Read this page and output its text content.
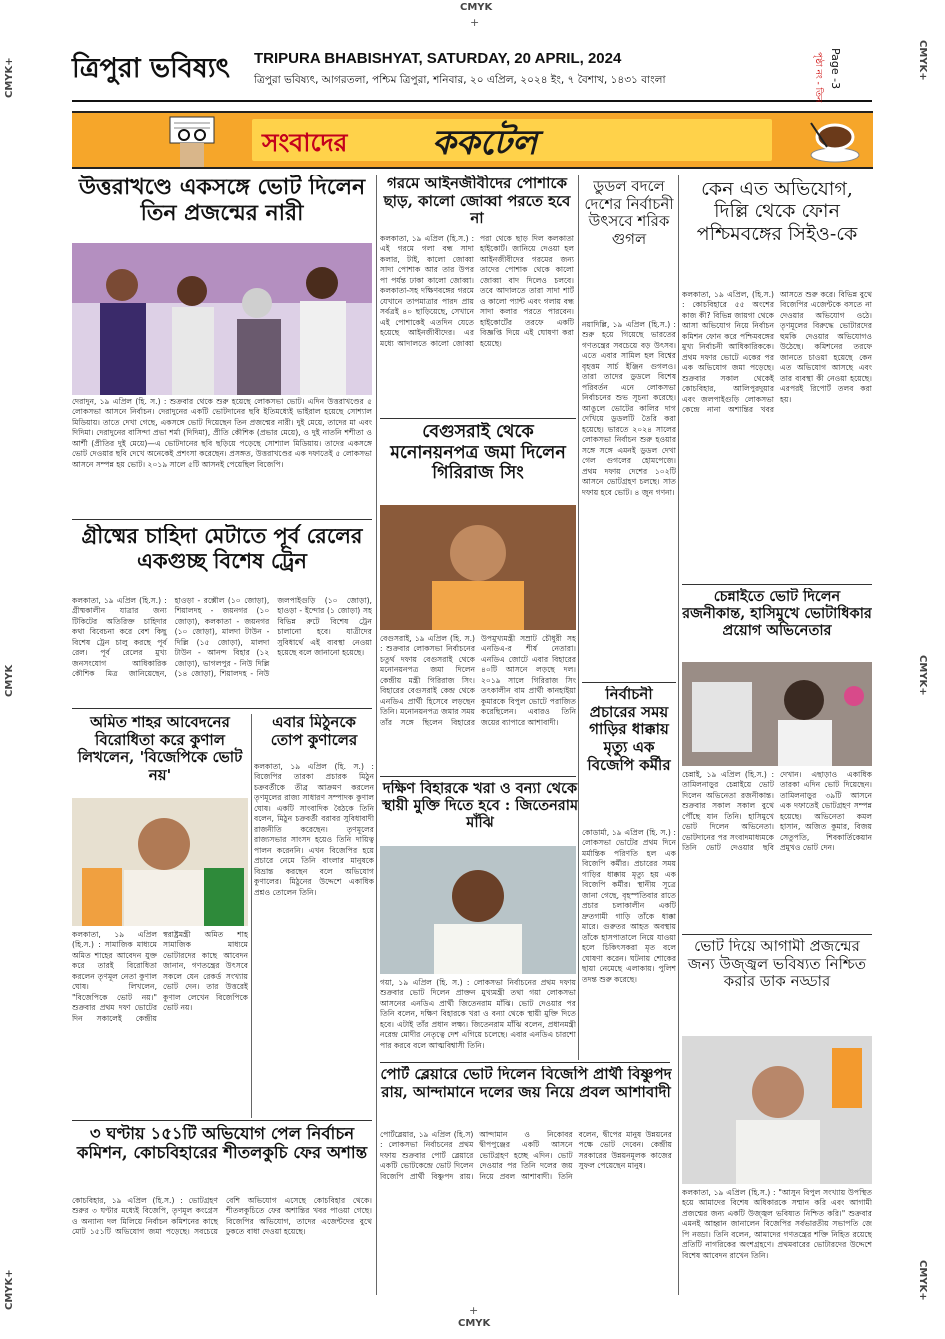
CMYK
+
CMYK
+
CMYK+
CMYK
CMYK+
CMYK+
CMYK+
CMYK+
ত্রিপুরা ভবিষ্যৎ TRIPURA BHABISHYAT, SATURDAY, 20 APRIL, 2024
ত্রিপুরা ভবিষ্যৎ, আগরতলা, পশ্চিম ত্রিপুরা, শনিবার, ২০ এপ্রিল, ২০২৪ ইং, ৭ বৈশাখ, ১৪৩১ বাংলা	Page -3
পৃষ্ঠা নং - তিন
সংবাদের ককটেল
উত্তরাখণ্ডে একসঙ্গে ভোট দিলেন তিন প্রজন্মের নারী
দেরাদুন, ১৯ এপ্রিল (হি. স.) : শুক্রবার থেকে শুরু হয়েছে লোকসভা ভোট। এদিন উত্তরাখণ্ডের ৫ লোকসভা আসনে নির্বাচন। দেরাদুনের একটি ভোটদানের ছবি ইতিমধ্যেই ভাইরাল হয়েছে সোশ্যাল মিডিয়ায়। তাতে দেখা গেছে, একসঙ্গে ভোট দিয়েছেন তিন প্রজন্মের নারী। দুই মেয়ে, তাদের মা এবং দিদিমা। দেরাদুনের বাসিন্দা প্রভা শর্মা (দিদিমা), প্রীতি কৌশিক (প্রভার মেয়ে), ও দুই নাতনি শশীতা ও আর্শী (প্রীতির দুই মেয়ে)—এ ভোটদানের ছবি ছড়িয়ে পড়েছে সোশ্যাল মিডিয়ায়। তাদের একসঙ্গে ভোট দেওয়ার ছবি দেখে অনেকেই প্রশংসা করেছেন। প্রসঙ্গত, উত্তরাখণ্ডের এক দফাতেই ৫ লোকসভা আসনে সম্পন্ন হয় ভোট। ২০১৯ সালে ৫টি আসনই পেয়েছিল বিজেপি।
গ্রীষ্মের চাহিদা মেটাতে পূর্ব রেলের একগুচ্ছ বিশেষ ট্রেন
কলকাতা, ১৯ এপ্রিল (হি.স.) : গ্রীষ্মকালীন যাত্রার জন্য টিকিটের অতিরিক্ত চাহিদার কথা বিবেচনা করে বেশ কিছু বিশেষ ট্রেন চালু করছে পূর্ব রেল। পূর্ব রেলের মুখ্য জনসংযোগ আধিকারিক কৌশিক মিত্র জানিয়েছেন, হাওড়া - রক্সৌল (১০ জোড়া), শিয়ালদহ - জয়নগর (১০ জোড়া), কলকাতা - জয়নগর (১০ জোড়া), মালদা টাউন - দিল্লি (১৫ জোড়া), মালদা টাউন - আনন্দ বিহার (১২ জোড়া), ভাগলপুর - নিউ দিল্লি (১৪ জোড়া), শিয়ালদহ - নিউ জলপাইগুড়ি (১০ জোড়া), হাওড়া - ইন্দোর (১ জোড়া) সহ বিভিন্ন রুটে বিশেষ ট্রেন চালানো হবে। যাত্রীদের সুবিধার্থে এই ব্যবস্থা নেওয়া হয়েছে বলে জানানো হয়েছে।
অমিত শাহর আবেদনের বিরোধিতা করে কুণাল লিখলেন, 'বিজেপিকে ভোট নয়'
কলকাতা, ১৯ এপ্রিল (হি.স.) : সামাজিক মাধ্যমে অমিত শাহের আবেদন যুক্ত করে তারই বিরোধিতা করলেন তৃণমূল নেতা কুণাল ঘোষ। লিখলেন, "বিজেপিকে ভোট নয়।" শুক্রবার প্রথম দফা ভোটের দিন সকালেই কেন্দ্রীয় স্বরাষ্ট্রমন্ত্রী অমিত শাহ সামাজিক মাধ্যমে ভোটারদের কাছে আবেদন জানান, গণতন্ত্রের উৎসবে সকলে যেন রেকর্ড সংখ্যায় ভোট দেন। তার উত্তরেই কুণাল লেখেন বিজেপিকে ভোট নয়।
এবার মিঠুনকে তোপ কুণালের
কলকাতা, ১৯ এপ্রিল (হি. স.) : বিজেপির তারকা প্রচারক মিঠুন চক্রবর্তীকে তীব্র আক্রমণ করলেন তৃণমূলের রাজ্য সাধারণ সম্পাদক কুণাল ঘোষ। একটি সাংবাদিক বৈঠকে তিনি বলেন, মিঠুন চক্রবর্তী বরাবর সুবিধাবাদী রাজনীতি করেছেন। তৃণমূলের রাজ্যসভার সাংসদ হয়েও তিনি দায়িত্ব পালন করেননি। এখন বিজেপির হয়ে প্রচারে নেমে তিনি বাংলার মানুষকে বিভ্রান্ত করছেন বলে অভিযোগ কুণালের। মিঠুনের উদ্দেশে একাধিক প্রশ্নও তোলেন তিনি।
৩ ঘণ্টায় ১৫১টি অভিযোগ পেল নির্বাচন কমিশন, কোচবিহারের শীতলকুচি ফের অশান্ত
কোচবিহার, ১৯ এপ্রিল (হি.স.) : ভোটগ্রহণ শুরুর ৩ ঘণ্টার মধ্যেই বিজেপি, তৃণমূল কংগ্রেস ও অন্যান্য দল মিলিয়ে নির্বাচন কমিশনের কাছে মোট ১৫১টি অভিযোগ জমা পড়েছে। সবচেয়ে বেশি অভিযোগ এসেছে কোচবিহার থেকে। শীতলকুচিতে ফের অশান্তির খবর পাওয়া গেছে। বিজেপির অভিযোগ, তাদের এজেন্টদের বুথে ঢুকতে বাধা দেওয়া হয়েছে।
গরমে আইনজীবীদের পোশাকে ছাড়, কালো জোব্বা পরতে হবে না
কলকাতা, ১৯ এপ্রিল (হি.স.) : এই গরমে গলা বন্ধ সাদা কলার, টাই, কালো জোব্বা সাদা পোশাক আর তার উপর পা পর্যন্ত ঢাকা কালো জোব্বা। কলকাতা-সহ দক্ষিণবঙ্গের গরমে যেখানে তাপমাত্রার পারদ প্রায় সর্বত্রই ৪০ ছাড়িয়েছে, সেখানে এই পোশাকেই এতদিন যেতে হয়েছে আইনজীবীদের। এর মধ্যে আদালতে কালো জোব্বা পরা থেকে ছাড় দিল কলকাতা হাইকোর্ট। জানিয়ে দেওয়া হল আইনজীবীদের গরমের জন্য তাদের পোশাক থেকে কালো জোব্বা বাদ দিলেও চলবে। তবে আদালতে তারা সাদা শার্ট ও কালো প্যান্ট এবং গলায় বন্ধ সাদা কলার পরতে পারবেন। হাইকোর্টের তরফে একটি বিজ্ঞপ্তি দিয়ে এই ঘোষণা করা হয়েছে।
বেগুসরাই থেকে মনোনয়নপত্র জমা দিলেন গিরিরাজ সিং
বেগুসরাই, ১৯ এপ্রিল (হি. স.) : শুক্রবার লোকসভা নির্বাচনের চতুর্থ দফায় বেগুসরাই থেকে মনোনয়নপত্র জমা দিলেন কেন্দ্রীয় মন্ত্রী গিরিরাজ সিং। বিহারের বেগুসরাই কেন্দ্র থেকে এনডিএ প্রার্থী হিসেবে লড়ছেন তিনি। মনোনয়নপত্র জমার সময় তাঁর সঙ্গে ছিলেন বিহারের উপমুখ্যমন্ত্রী সম্রাট চৌধুরী সহ এনডিএ-র শীর্ষ নেতারা। এনডিএ জোটে এবার বিহারের ৪০টি আসনে লড়ছে দল। ২০১৯ সালে গিরিরাজ সিং তৎকালীন বাম প্রার্থী কানহাইয়া কুমারকে বিপুল ভোটে পরাজিত করেছিলেন। এবারও তিনি জয়ের ব্যাপারে আশাবাদী।
দক্ষিণ বিহারকে খরা ও বন্যা থেকে স্থায়ী মুক্তি দিতে হবে : জিতেনরাম মাঁঝি
গয়া, ১৯ এপ্রিল (হি. স.) : লোকসভা নির্বাচনের প্রথম দফায় শুক্রবার ভোট দিলেন প্রাক্তন মুখ্যমন্ত্রী তথা গয়া লোকসভা আসনের এনডিএ প্রার্থী জিতেনরাম মাঁঝি। ভোট দেওয়ার পর তিনি বলেন, দক্ষিণ বিহারকে খরা ও বন্যা থেকে স্থায়ী মুক্তি দিতে হবে। এটাই তাঁর প্রধান লক্ষ্য। জিতেনরাম মাঁঝি বলেন, প্রধানমন্ত্রী নরেন্দ্র মোদীর নেতৃত্বে দেশ এগিয়ে চলেছে। এবার এনডিএ চারশো পার করবে বলে আত্মবিশ্বাসী তিনি।
পোর্ট ব্লেয়ারে ভোট দিলেন বিজেপি প্রার্থী বিষ্ণুপদ রায়, আন্দামানে দলের জয় নিয়ে প্রবল আশাবাদী
পোর্টব্লেয়ার, ১৯ এপ্রিল (হি.স) : লোকসভা নির্বাচনের প্রথম দফায় শুক্রবার পোর্ট ব্লেয়ারে একটি ভোটকেন্দ্রে ভোট দিলেন বিজেপি প্রার্থী বিষ্ণুপদ রায়। আন্দামান ও নিকোবর দ্বীপপুঞ্জের একটি আসনে ভোটগ্রহণ হচ্ছে এদিন। ভোট দেওয়ার পর তিনি দলের জয় নিয়ে প্রবল আশাবাদী। তিনি বলেন, দ্বীপের মানুষ উন্নয়নের পক্ষে ভোট দেবেন। কেন্দ্রীয় সরকারের উন্নয়নমূলক কাজের সুফল পেয়েছেন মানুষ।
ডুডল বদলে দেশের নির্বাচনী উৎসবে শরিক গুগল
নয়াদিল্লি, ১৯ এপ্রিল (হি.স.) : শুরু হয়ে গিয়েছে ভারতের গণতন্ত্রের সবচেয়ে বড় উৎসব। এতে এবার সামিল হল বিশ্বের বৃহত্তম সার্চ ইঞ্জিন গুগলও। তারা তাদের ডুডলে বিশেষ পরিবর্তন এনে লোকসভা নির্বাচনের শুভ সূচনা করেছে। আঙুলে ভোটের কালির দাগ দেখিয়ে ডুডলটি তৈরি করা হয়েছে। ভারতে ২০২৪ সালের লোকসভা নির্বাচন শুরু হওয়ার সঙ্গে সঙ্গে এমনই ডুডল দেখা গেল গুগলের হোমপেজে। প্রথম দফায় দেশের ১০২টি আসনে ভোটগ্রহণ চলছে। সাত দফায় হবে ভোট। ৪ জুন গণনা।
নির্বাচনী প্রচারের সময় গাড়ির ধাক্কায় মৃত্যু এক বিজেপি কর্মীর
কোডার্মা, ১৯ এপ্রিল (হি. স.) : লোকসভা ভোটের প্রথম দিনে মর্মান্তিক পরিণতি হল এক বিজেপি কর্মীর। প্রচারের সময় গাড়ির ধাক্কায় মৃত্যু হয় এক বিজেপি কর্মীর। স্থানীয় সূত্রে জানা গেছে, বৃহস্পতিবার রাতে প্রচার চলাকালীন একটি দ্রুতগামী গাড়ি তাঁকে ধাক্কা মারে। গুরুতর আহত অবস্থায় তাঁকে হাসপাতালে নিয়ে যাওয়া হলে চিকিৎসকরা মৃত বলে ঘোষণা করেন। ঘটনায় শোকের ছায়া নেমেছে এলাকায়। পুলিশ তদন্ত শুরু করেছে।
কেন এত অভিযোগ, দিল্লি থেকে ফোন পশ্চিমবঙ্গের সিইও-কে
কলকাতা, ১৯ এপ্রিল, (হি.স.) : কোচবিহারে ৫৫ অংশের কাজ কী? বিভিন্ন জায়গা থেকে আসা অভিযোগ নিয়ে নির্বাচন কমিশন ফোন করে পশ্চিমবঙ্গের মুখ্য নির্বাচনী আধিকারিককে। প্রথম দফার ভোটে একের পর এক অভিযোগ জমা পড়েছে। শুক্রবার সকাল থেকেই কোচবিহার, আলিপুরদুয়ার এবং জলপাইগুড়ি লোকসভা কেন্দ্রে নানা অশান্তির খবর আসতে শুরু করে। বিভিন্ন বুথে বিজেপির এজেন্টকে বসতে না দেওয়ার অভিযোগ ওঠে। তৃণমূলের বিরুদ্ধে ভোটারদের হুমকি দেওয়ার অভিযোগও উঠেছে। কমিশনের তরফে জানতে চাওয়া হয়েছে কেন এত অভিযোগ আসছে এবং তার ব্যবস্থা কী নেওয়া হয়েছে। এরপরই রিপোর্ট তলব করা হয়।
চেন্নাইতে ভোট দিলেন রজনীকান্ত, হাসিমুখে ভোটাধিকার প্রয়োগ অভিনেতার
চেন্নাই, ১৯ এপ্রিল (হি.স.) : তামিলনাড়ুর চেন্নাইয়ে ভোট দিলেন অভিনেতা রজনীকান্ত। শুক্রবার সকাল সকাল বুথে পৌঁছে যান তিনি। হাসিমুখে ভোট দিলেন অভিনেতা। ভোটদানের পর সংবাদমাধ্যমকে তিনি ভোট দেওয়ার ছবি দেখান। এছাড়াও একাধিক তারকা এদিন ভোট দিয়েছেন। তামিলনাড়ুর ৩৯টি আসনে এক দফাতেই ভোটগ্রহণ সম্পন্ন হয়েছে। অভিনেতা কমল হাসান, অজিত কুমার, বিজয় সেতুপতি, শিবকার্তিকেয়ান প্রমুখও ভোট দেন।
ভোট দিয়ে আগামী প্রজন্মের জন্য উজ্জ্বল ভবিষ্যত নিশ্চিত করার ডাক নড্ডার
কলকাতা, ১৯ এপ্রিল (হি.স.) : "আসুন বিপুল সংখ্যায় উপস্থিত হয়ে আমাদের বিশেষ অধিকারকে সম্মান করি এবং আগামী প্রজন্মের জন্য একটি উজ্জ্বল ভবিষ্যত নিশ্চিত করি।" শুক্রবার এমনই আহ্বান জানালেন বিজেপির সর্বভারতীয় সভাপতি জে পি নড্ডা। তিনি বলেন, আমাদের গণতন্ত্রের শক্তি নিহিত রয়েছে প্রতিটি নাগরিকের অংশগ্রহণে। প্রথমবারের ভোটারদের উদ্দেশে বিশেষ আবেদন রাখেন তিনি।
